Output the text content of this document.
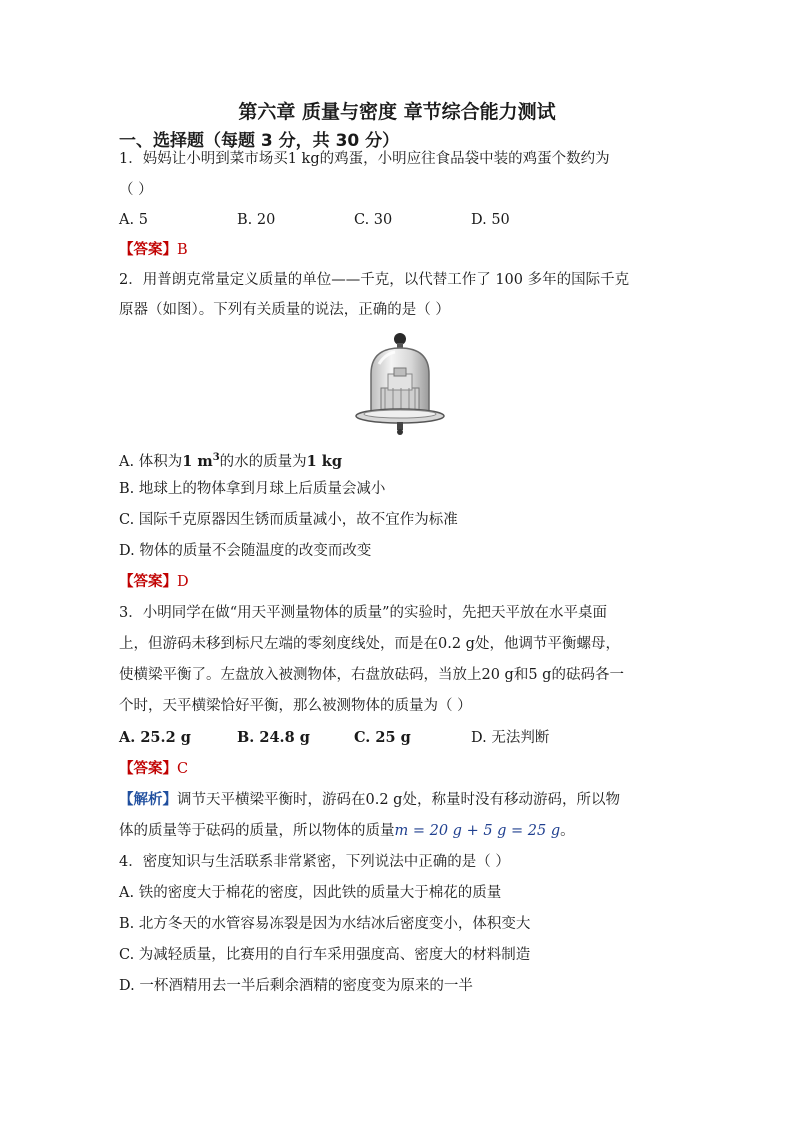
第六章 质量与密度 章节综合能力测试
一、选择题（每题 3 分，共 30 分）
1．妈妈让小明到菜市场买1 kg的鸡蛋，小明应往食品袋中装的鸡蛋个数约为
（ ）
A. 5	B. 20	C. 30	D. 50
【答案】B
2．用普朗克常量定义质量的单位——千克，以代替工作了 100 多年的国际千克
原器（如图）。下列有关质量的说法，正确的是（ ）
A. 体积为1 $m^3$的水的质量为1 kg
B. 地球上的物体拿到月球上后质量会减小
C. 国际千克原器因生锈而质量减小，故不宜作为标准
D. 物体的质量不会随温度的改变而改变
【答案】D
3．小明同学在做“用天平测量物体的质量”的实验时，先把天平放在水平桌面
上，但游码未移到标尺左端的零刻度线处，而是在0.2 g处，他调节平衡螺母，
使横梁平衡了。左盘放入被测物体，右盘放砝码，当放上20 g和5 g的砝码各一
个时，天平横梁恰好平衡，那么被测物体的质量为（ ）
A. 25.2 g	B. 24.8 g	C. 25 g	D. 无法判断
【答案】C
【解析】调节天平横梁平衡时，游码在0.2 g处，称量时没有移动游码，所以物
体的质量等于砝码的质量，所以物体的质量m = 20 g + 5 g = 25 g。
4．密度知识与生活联系非常紧密，下列说法中正确的是（ ）
A. 铁的密度大于棉花的密度，因此铁的质量大于棉花的质量
B. 北方冬天的水管容易冻裂是因为水结冰后密度变小，体积变大
C. 为减轻质量，比赛用的自行车采用强度高、密度大的材料制造
D. 一杯酒精用去一半后剩余酒精的密度变为原来的一半
